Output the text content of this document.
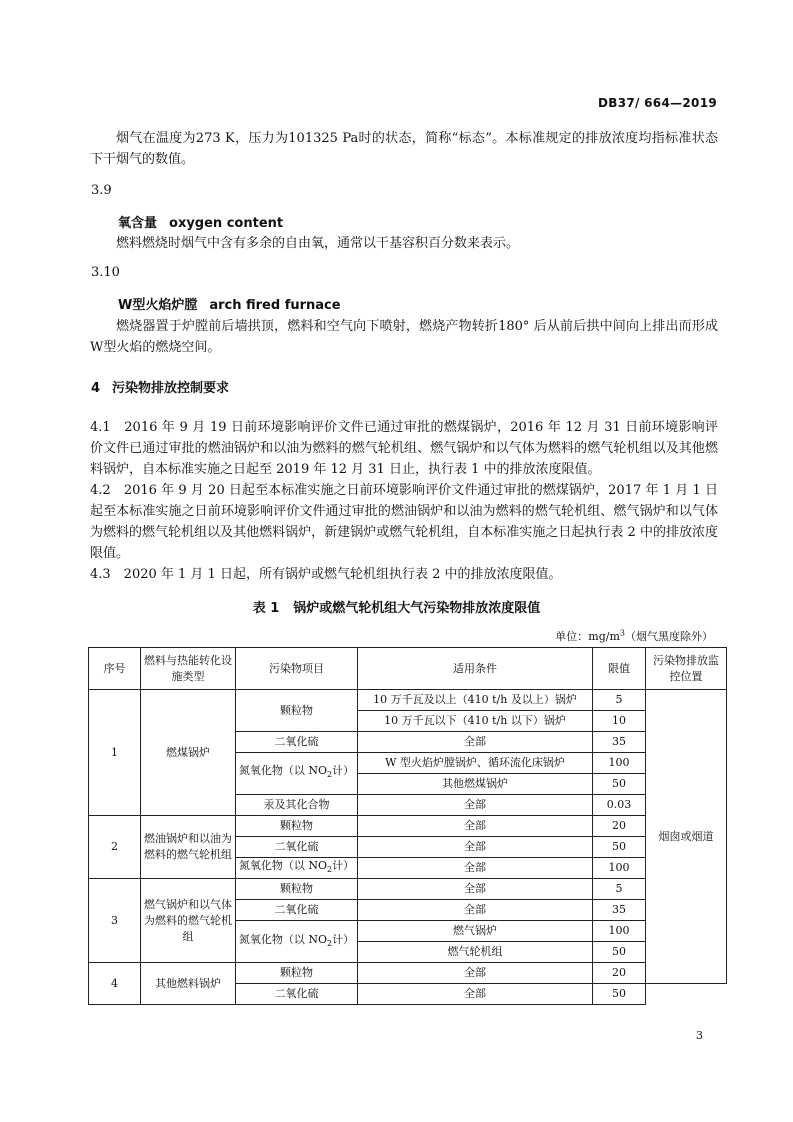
DB37/ 664—2019
烟气在温度为273 K，压力为101325 Pa时的状态，简称“标态”。本标准规定的排放浓度均指标准状态下干烟气的数值。
3.9
氧含量 oxygen content
燃料燃烧时烟气中含有多余的自由氧，通常以干基容积百分数来表示。
3.10
W型火焰炉膛 arch fired furnace
燃烧器置于炉膛前后墙拱顶，燃料和空气向下喷射，燃烧产物转折180° 后从前后拱中间向上排出而形成W型火焰的燃烧空间。
4 污染物排放控制要求
4.1　2016 年 9 月 19 日前环境影响评价文件已通过审批的燃煤锅炉，2016 年 12 月 31 日前环境影响评价文件已通过审批的燃油锅炉和以油为燃料的燃气轮机组、燃气锅炉和以气体为燃料的燃气轮机组以及其他燃料锅炉，自本标准实施之日起至 2019 年 12 月 31 日止，执行表 1 中的排放浓度限值。
4.2　2016 年 9 月 20 日起至本标准实施之日前环境影响评价文件通过审批的燃煤锅炉，2017 年 1 月 1 日起至本标准实施之日前环境影响评价文件通过审批的燃油锅炉和以油为燃料的燃气轮机组、燃气锅炉和以气体为燃料的燃气轮机组以及其他燃料锅炉，新建锅炉或燃气轮机组，自本标准实施之日起执行表 2 中的排放浓度限值。
4.3　2020 年 1 月 1 日起，所有锅炉或燃气轮机组执行表 2 中的排放浓度限值。
表 1 锅炉或燃气轮机组大气污染物排放浓度限值
单位：$mg/m^3$（烟气黑度除外）
序号	燃料与热能转化设施类型	污染物项目	适用条件	限值	污染物排放监控位置
1	燃煤锅炉	颗粒物	10 万千瓦及以上（410 t/h 及以上）锅炉	5	烟囱或烟道
			10 万千瓦以下（410 t/h 以下）锅炉	10	
		二氧化硫	全部	35	
		氮氧化物（以 $NO_2$计）	W 型火焰炉膛锅炉、循环流化床锅炉	100	
			其他燃煤锅炉	50	
		汞及其化合物	全部	0.03	
2	燃油锅炉和以油为燃料的燃气轮机组	颗粒物	全部	20	
		二氧化硫	全部	50	
		氮氧化物（以 $NO_2$计）	全部	100	
3	燃气锅炉和以气体为燃料的燃气轮机组	颗粒物	全部	5	
		二氧化硫	全部	35	
		氮氧化物（以 $NO_2$计）	燃气锅炉	100	
			燃气轮机组	50	
4	其他燃料锅炉	颗粒物	全部	20	
		二氧化硫	全部	50	
3
